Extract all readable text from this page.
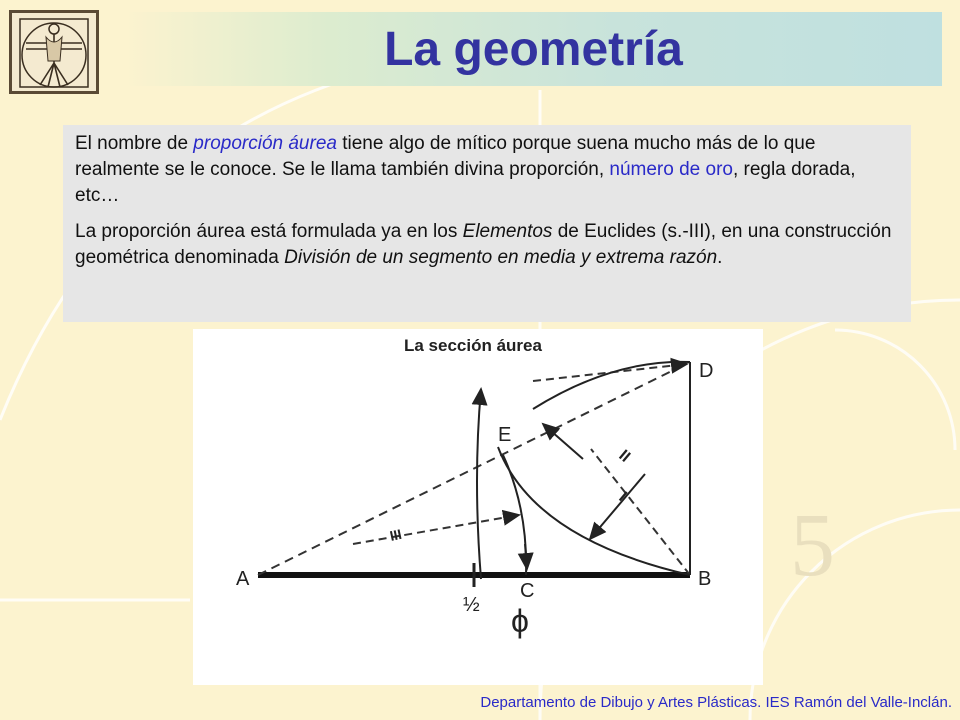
5
La geometría

El nombre de proporción áurea tiene algo de mítico porque suena mucho más de lo que realmente se le conoce. Se le llama también divina proporción, número de oro, regla dorada, etc…

La proporción áurea está formulada ya en los Elementos de Euclides (s.-III), en una construcción geométrica denominada División de un segmento en media y extrema razón.

La sección áurea
A	B
C
D
E
½ ϕ
I
II
III
Departamento de Dibujo y Artes Plásticas. IES Ramón del Valle-Inclán.
